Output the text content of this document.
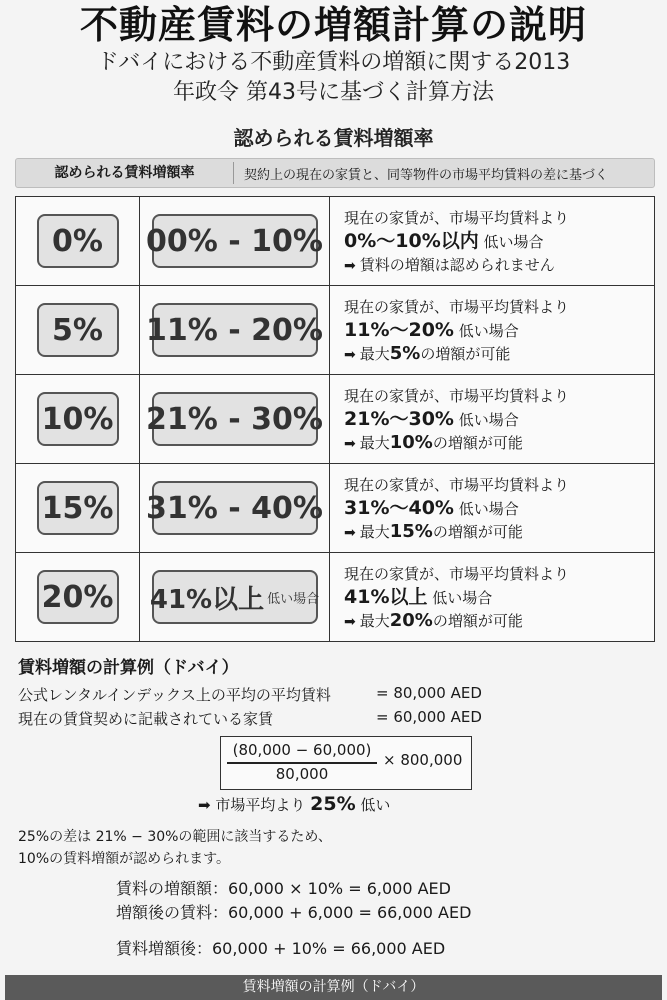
不動産賃料の増額計算の説明
ドバイにおける不動産賃料の増額に関する2013
年政令 第43号に基づく計算方法
認められる賃料増額率
認められる賃料増額率	契約上の現在の家賃と、同等物件の市場平均賃料の差に基づく
0%	00% - 10%
現在の家賃が、市場平均賃料より
0%〜10%以内 低い場合
➡ 賃料の増額は認められません
5%	11% - 20%
現在の家賃が、市場平均賃料より
11%〜20% 低い場合
➡ 最大5%の増額が可能
10% 21% - 30%
現在の家賃が、市場平均賃料より
21%〜30% 低い場合
➡ 最大10%の増額が可能
15% 31% - 40%
現在の家賃が、市場平均賃料より
31%〜40% 低い場合
➡ 最大15%の増額が可能
20% 41%以上 低い場合
現在の家賃が、市場平均賃料より
41%以上 低い場合
➡ 最大20%の増額が可能
賃料増額の計算例（ドバイ）
公式レンタルインデックス上の平均の平均賃料	= 80,000 AED
現在の賃貸契めに記載されている家賃	= 60,000 AED
(80,000 − 60,000)
80,000
× 800,000
➡ 市場平均より 25% 低い
25%の差は 21% − 30%の範囲に該当するため、
10%の賃料増額が認められます。
賃料の増額額：60,000 × 10% = 6,000 AED
増額後の賃料：60,000 + 6,000 = 66,000 AED
賃料増額後：60,000 + 10% = 66,000 AED
賃料増額の計算例（ドバイ）
